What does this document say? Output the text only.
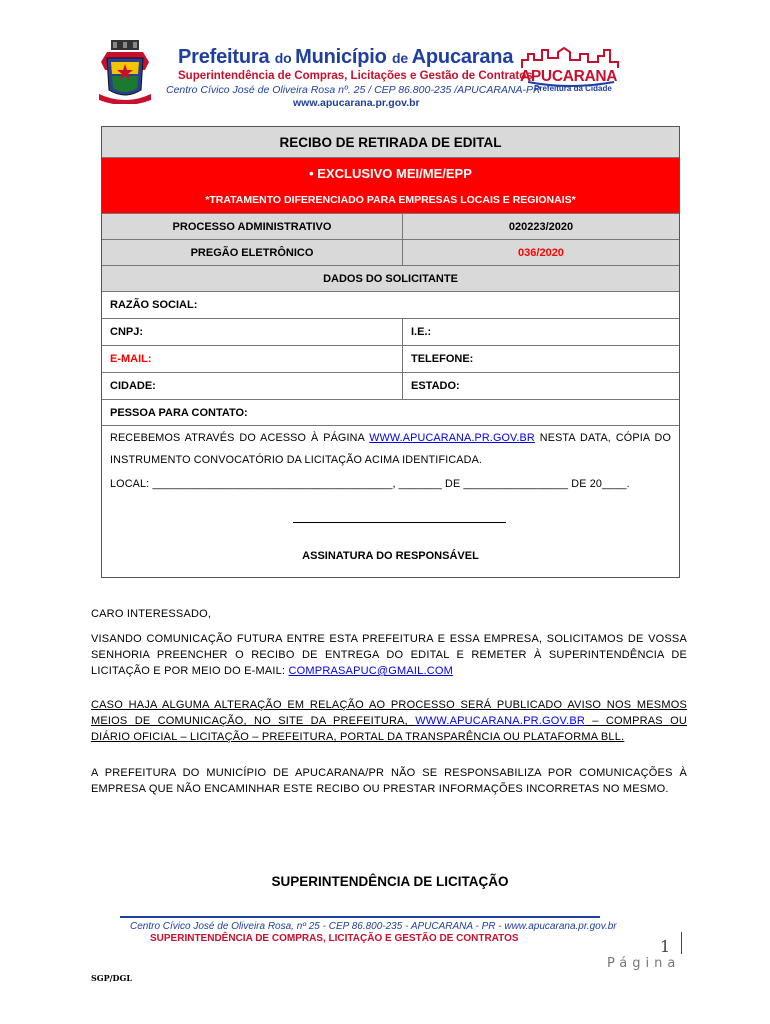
Prefeitura do Município de Apucarana
Superintendência de Compras, Licitações e Gestão de Contratos
Centro Cívico José de Oliveira Rosa nº. 25 / CEP 86.800-235 /APUCARANA-PR
www.apucarana.pr.gov.br
APUCARANA
Prefeitura da Cidade
RECIBO DE RETIRADA DE EDITAL
• EXCLUSIVO MEI/ME/EPP
*TRATAMENTO DIFERENCIADO PARA EMPRESAS LOCAIS E REGIONAIS*
PROCESSO ADMINISTRATIVO	020223/2020
PREGÃO ELETRÔNICO	036/2020
DADOS DO SOLICITANTE
RAZÃO SOCIAL:
CNPJ:	I.E.:
E-MAIL:	TELEFONE:
CIDADE:	ESTADO:
PESSOA PARA CONTATO:
RECEBEMOS ATRAVÉS DO ACESSO À PÁGINA WWW.APUCARANA.PR.GOV.BR NESTA DATA, CÓPIA DO
INSTRUMENTO CONVOCATÓRIO DA LICITAÇÃO ACIMA IDENTIFICADA.
LOCAL: _______________________________________, _______ DE _________________ DE 20____.
ASSINATURA DO RESPONSÁVEL
CARO INTERESSADO,
VISANDO COMUNICAÇÃO FUTURA ENTRE ESTA PREFEITURA E ESSA EMPRESA, SOLICITAMOS DE VOSSA SENHORIA PREENCHER O RECIBO DE ENTREGA DO EDITAL E REMETER À SUPERINTENDÊNCIA DE LICITAÇÃO E POR MEIO DO E-MAIL: COMPRASAPUC@GMAIL.COM
CASO HAJA ALGUMA ALTERAÇÃO EM RELAÇÃO AO PROCESSO SERÁ PUBLICADO AVISO NOS MESMOS MEIOS DE COMUNICAÇÃO, NO SITE DA PREFEITURA, WWW.APUCARANA.PR.GOV.BR – COMPRAS OU DIÁRIO OFICIAL – LICITAÇÃO – PREFEITURA, PORTAL DA TRANSPARÊNCIA OU PLATAFORMA BLL.
A PREFEITURA DO MUNICÍPIO DE APUCARANA/PR NÃO SE RESPONSABILIZA POR COMUNICAÇÕES À EMPRESA QUE NÃO ENCAMINHAR ESTE RECIBO OU PRESTAR INFORMAÇÕES INCORRETAS NO MESMO.
SUPERINTENDÊNCIA DE LICITAÇÃO
Centro Cívico José de Oliveira Rosa, nº 25 - CEP 86.800-235 - APUCARANA - PR - www.apucarana.pr.gov.br
SUPERINTENDÊNCIA DE COMPRAS, LICITAÇÃO E GESTÃO DE CONTRATOS	1
Página
SGP/DGL
